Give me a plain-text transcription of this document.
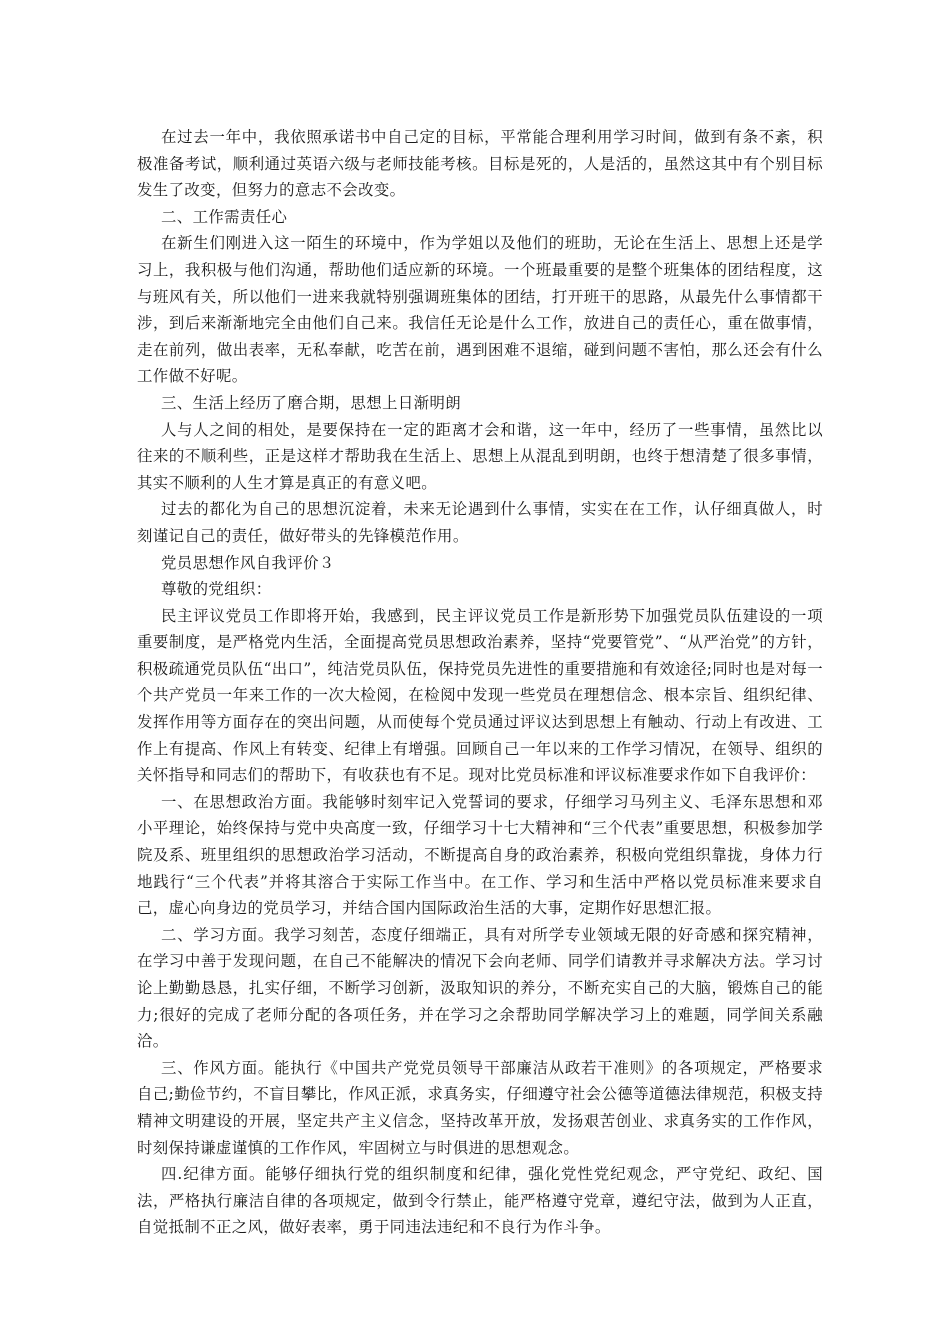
在过去一年中，我依照承诺书中自己定的目标，平常能合理利用学习时间，做到有条不紊，积极准备考试，顺利通过英语六级与老师技能考核。目标是死的，人是活的，虽然这其中有个别目标发生了改变，但努力的意志不会改变。

二、工作需责任心

在新生们刚进入这一陌生的环境中，作为学姐以及他们的班助，无论在生活上、思想上还是学习上，我积极与他们沟通，帮助他们适应新的环境。一个班最重要的是整个班集体的团结程度，这与班风有关，所以他们一进来我就特别强调班集体的团结，打开班干的思路，从最先什么事情都干涉，到后来渐渐地完全由他们自己来。我信任无论是什么工作，放进自己的责任心，重在做事情，走在前列，做出表率，无私奉献，吃苦在前，遇到困难不退缩，碰到问题不害怕，那么还会有什么工作做不好呢。

三、生活上经历了磨合期，思想上日渐明朗

人与人之间的相处，是要保持在一定的距离才会和谐，这一年中，经历了一些事情，虽然比以往来的不顺利些，正是这样才帮助我在生活上、思想上从混乱到明朗，也终于想清楚了很多事情，其实不顺利的人生才算是真正的有意义吧。

过去的都化为自己的思想沉淀着，未来无论遇到什么事情，实实在在工作，认仔细真做人，时刻谨记自己的责任，做好带头的先锋模范作用。

党员思想作风自我评价３

尊敬的党组织：

民主评议党员工作即将开始，我感到，民主评议党员工作是新形势下加强党员队伍建设的一项重要制度，是严格党内生活，全面提高党员思想政治素养，坚持“党要管党”、“从严治党”的方针，积极疏通党员队伍“出口”，纯洁党员队伍，保持党员先进性的重要措施和有效途径;同时也是对每一个共产党员一年来工作的一次大检阅，在检阅中发现一些党员在理想信念、根本宗旨、组织纪律、发挥作用等方面存在的突出问题，从而使每个党员通过评议达到思想上有触动、行动上有改进、工作上有提高、作风上有转变、纪律上有增强。回顾自己一年以来的工作学习情况，在领导、组织的关怀指导和同志们的帮助下，有收获也有不足。现对比党员标准和评议标准要求作如下自我评价：

一、在思想政治方面。我能够时刻牢记入党誓词的要求，仔细学习马列主义、毛泽东思想和邓小平理论，始终保持与党中央高度一致，仔细学习十七大精神和“三个代表”重要思想，积极参加学院及系、班里组织的思想政治学习活动，不断提高自身的政治素养，积极向党组织靠拢，身体力行地践行“三个代表”并将其溶合于实际工作当中。在工作、学习和生活中严格以党员标准来要求自己，虚心向身边的党员学习，并结合国内国际政治生活的大事，定期作好思想汇报。

二、学习方面。我学习刻苦，态度仔细端正，具有对所学专业领域无限的好奇感和探究精神，在学习中善于发现问题，在自己不能解决的情况下会向老师、同学们请教并寻求解决方法。学习讨论上勤勤恳恳，扎实仔细，不断学习创新，汲取知识的养分，不断充实自己的大脑，锻炼自己的能力;很好的完成了老师分配的各项任务，并在学习之余帮助同学解决学习上的难题，同学间关系融洽。

三、作风方面。能执行《中国共产党党员领导干部廉洁从政若干准则》的各项规定，严格要求自己;勤俭节约，不盲目攀比，作风正派，求真务实，仔细遵守社会公德等道德法律规范，积极支持精神文明建设的开展，坚定共产主义信念，坚持改革开放，发扬艰苦创业、求真务实的工作作风，时刻保持谦虚谨慎的工作作风，牢固树立与时俱进的思想观念。

四.纪律方面。能够仔细执行党的组织制度和纪律，强化党性党纪观念，严守党纪、政纪、国法，严格执行廉洁自律的各项规定，做到令行禁止，能严格遵守党章，遵纪守法，做到为人正直，自觉抵制不正之风，做好表率，勇于同违法违纪和不良行为作斗争。
